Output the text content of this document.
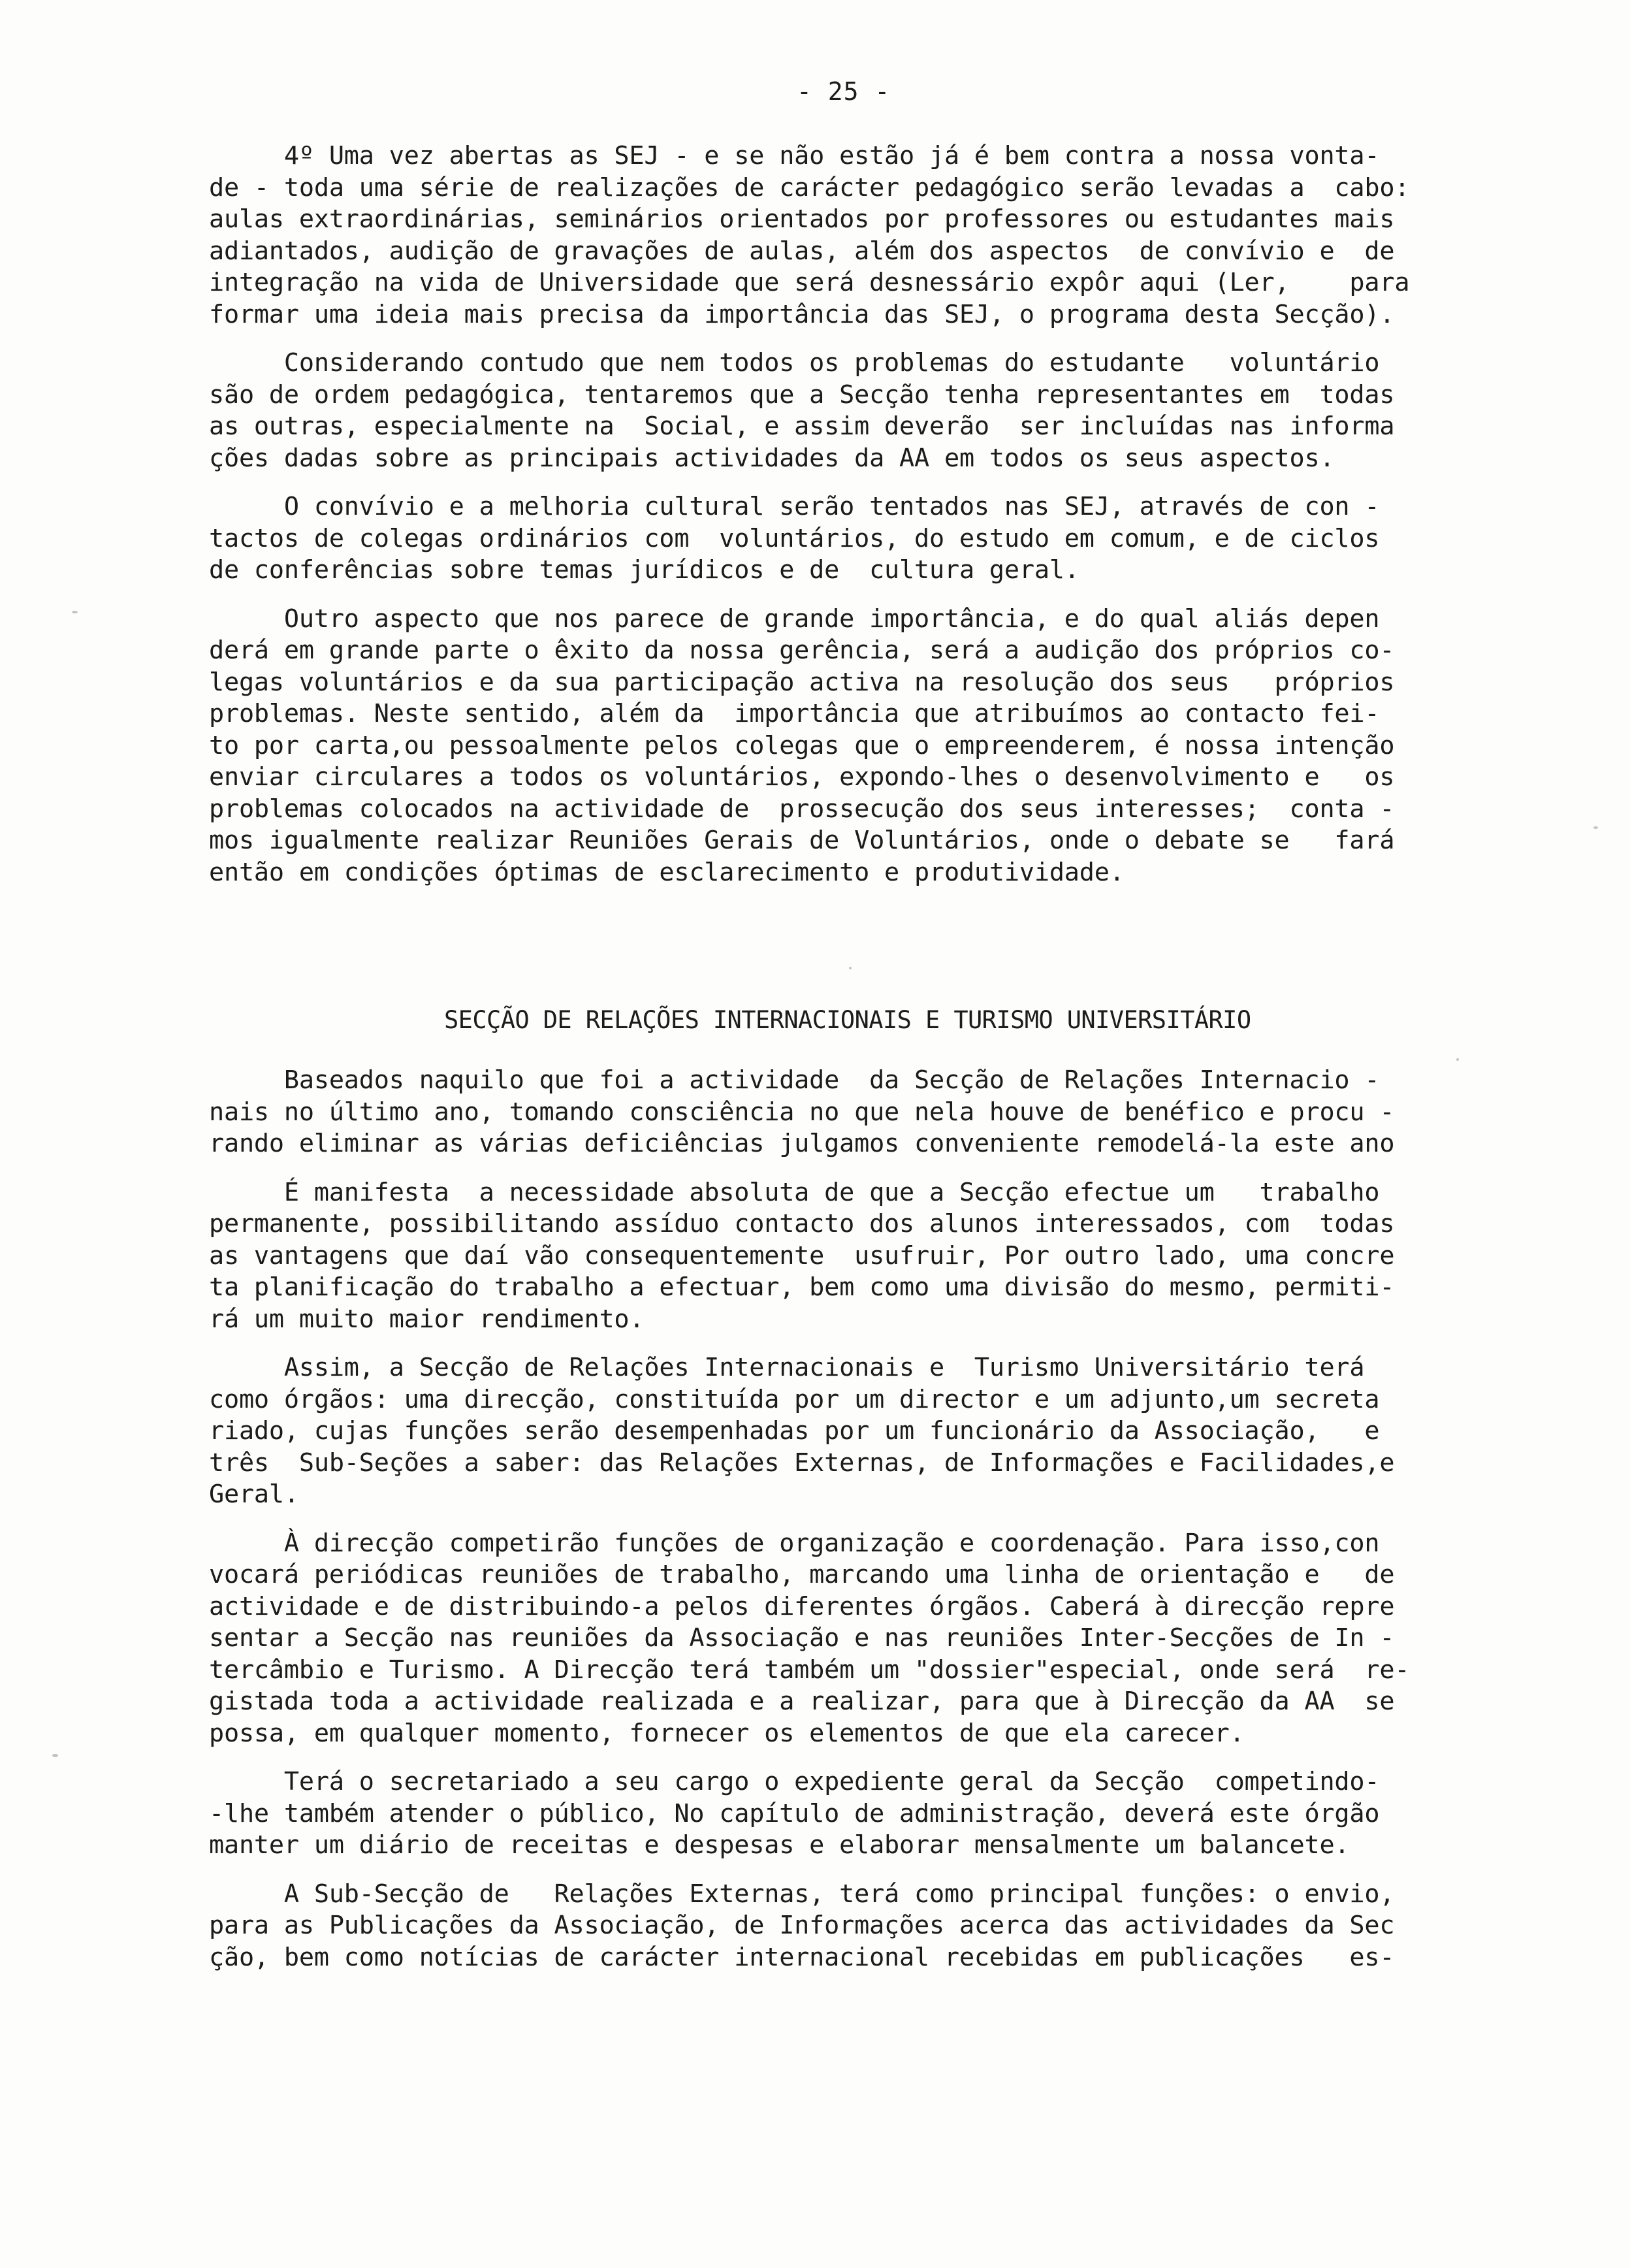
- 25 -

4º Uma vez abertas as SEJ - e se não estão já é bem contra a nossa vonta-

de - toda uma série de realizações de carácter pedagógico serão levadas a  cabo:

aulas extraordinárias, seminários orientados por professores ou estudantes mais

adiantados, audição de gravações de aulas, além dos aspectos  de convívio e  de

integração na vida de Universidade que será desnessário expôr aqui (Ler,    para

formar uma ideia mais precisa da importância das SEJ, o programa desta Secção).

Considerando contudo que nem todos os problemas do estudante   voluntário

são de ordem pedagógica, tentaremos que a Secção tenha representantes em  todas

as outras, especialmente na  Social, e assim deverão  ser incluídas nas informa

ções dadas sobre as principais actividades da AA em todos os seus aspectos.

O convívio e a melhoria cultural serão tentados nas SEJ, através de con -

tactos de colegas ordinários com  voluntários, do estudo em comum, e de ciclos

de conferências sobre temas jurídicos e de  cultura geral.

Outro aspecto que nos parece de grande importância, e do qual aliás depen

derá em grande parte o êxito da nossa gerência, será a audição dos próprios co-

legas voluntários e da sua participação activa na resolução dos seus   próprios

problemas. Neste sentido, além da  importância que atribuímos ao contacto fei-

to por carta,ou pessoalmente pelos colegas que o empreenderem, é nossa intenção

enviar circulares a todos os voluntários, expondo-lhes o desenvolvimento e   os

problemas colocados na actividade de  prossecução dos seus interesses;  conta -

mos igualmente realizar Reuniões Gerais de Voluntários, onde o debate se   fará

então em condições óptimas de esclarecimento e produtividade.

SECÇÃO DE RELAÇÕES INTERNACIONAIS E TURISMO UNIVERSITÁRIO

Baseados naquilo que foi a actividade  da Secção de Relações Internacio -

nais no último ano, tomando consciência no que nela houve de benéfico e procu -

rando eliminar as várias deficiências julgamos conveniente remodelá-la este ano

É manifesta  a necessidade absoluta de que a Secção efectue um   trabalho

permanente, possibilitando assíduo contacto dos alunos interessados, com  todas

as vantagens que daí vão consequentemente  usufruir, Por outro lado, uma concre

ta planificação do trabalho a efectuar, bem como uma divisão do mesmo, permiti-

rá um muito maior rendimento.

Assim, a Secção de Relações Internacionais e  Turismo Universitário terá

como órgãos: uma direcção, constituída por um director e um adjunto,um secreta

riado, cujas funções serão desempenhadas por um funcionário da Associação,   e

três  Sub-Seções a saber: das Relações Externas, de Informações e Facilidades,e

Geral.

À direcção competirão funções de organização e coordenação. Para isso,con

vocará periódicas reuniões de trabalho, marcando uma linha de orientação e   de

actividade e de distribuindo-a pelos diferentes órgãos. Caberá à direcção repre

sentar a Secção nas reuniões da Associação e nas reuniões Inter-Secções de In -

tercâmbio e Turismo. A Direcção terá também um "dossier"especial, onde será  re-

gistada toda a actividade realizada e a realizar, para que à Direcção da AA  se

possa, em qualquer momento, fornecer os elementos de que ela carecer.

Terá o secretariado a seu cargo o expediente geral da Secção  competindo-

-lhe também atender o público, No capítulo de administração, deverá este órgão

manter um diário de receitas e despesas e elaborar mensalmente um balancete.

A Sub-Secção de   Relações Externas, terá como principal funções: o envio,

para as Publicações da Associação, de Informações acerca das actividades da Sec

ção, bem como notícias de carácter internacional recebidas em publicações   es-
